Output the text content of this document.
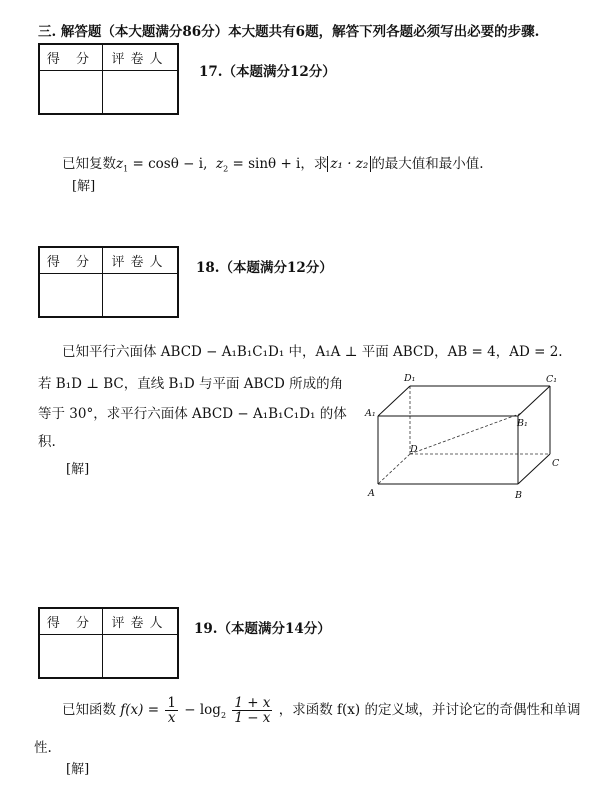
三. 解答题（本大题满分86分）本大题共有6题，解答下列各题必须写出必要的步骤.
得 分	评卷人

17.（本题满分12分）
已知复数$z_1 = \cos\theta - i$, $z_2 = \sin\theta + i$，求 z₁ · z₂ 的最大值和最小值.
[解]
得 分	评卷人
	18.（本题满分12分）
已知平行六面体 ABCD − A₁B₁C₁D₁ 中，A₁A ⊥ 平面 ABCD，AB = 4，AD = 2.
若 B₁D ⊥ BC，直线 B₁D 与平面 ABCD 所成的角
等于 30°，求平行六面体 ABCD − A₁B₁C₁D₁ 的体
积.
[解]
A	B
C
D
A₁
B₁
C₁
D₁
得 分	评卷人
	19.（本题满分14分）
已知函数 $f(x) = \frac{1}{x} - \log_2 \frac{1 + x}{1 - x}$ ，求函数 f(x) 的定义域，并讨论它的奇偶性和单调
性.
[解]
